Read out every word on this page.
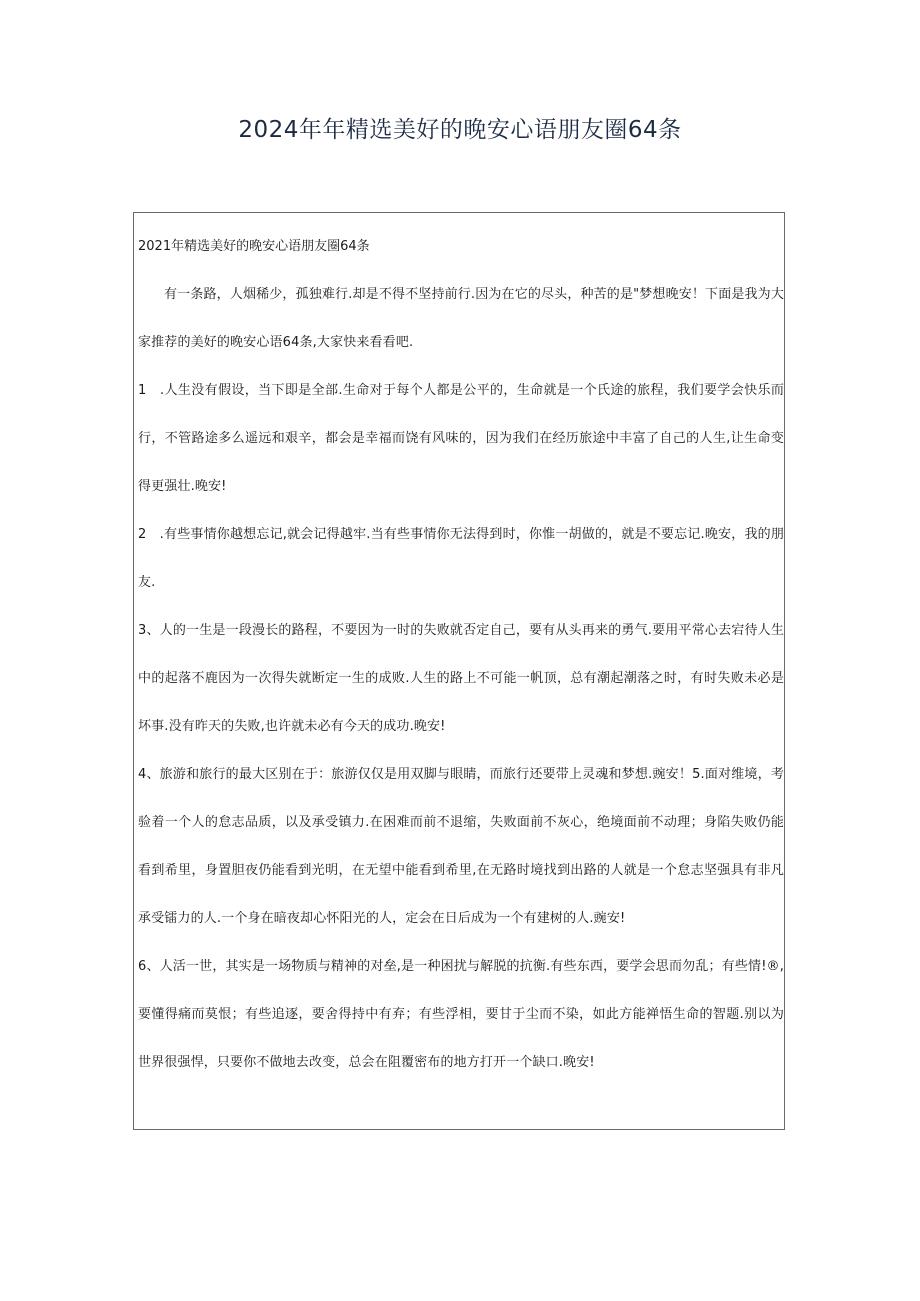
2024年年精选美好的晚安心语朋友圈64条
2021年精选美好的晚安心语朋友圈64条

有一条路，人烟稀少，孤独难行.却是不得不坚持前行.因为在它的尽头，种苦的是"梦想晚安！下面是我为大家推荐的美好的晚安心语64条,大家快来看看吧.

1　.人生没有假设，当下即是全部.生命对于每个人都是公平的，生命就是一个氏途的旅程，我们要学会快乐而行，不管路途多么遥远和艰辛，都会是幸福而饶有风味的，因为我们在经历旅途中丰富了自己的人生,让生命变得更强壮.晚安!

2　.有些事情你越想忘记,就会记得越牢.当有些事情你无法得到时，你惟一胡做的，就是不要忘记.晚安，我的朋友.

3、人的一生是一段漫长的路程，不要因为一时的失败就否定自己，要有从头再来的勇气.要用平常心去宕待人生中的起落不鹿因为一次得失就断定一生的成败.人生的路上不可能一帆顶，总有潮起潮落之时，有时失败未必是坏事.没有昨天的失败,也许就未必有今天的成功.晚安!

4、旅游和旅行的最大区别在于：旅游仅仅是用双脚与眼睛，而旅行还要带上灵魂和梦想.豌安！5.面对维境，考验着一个人的怠志品质，以及承受镇力.在困难而前不退缩，失败面前不灰心，绝境面前不动理；身陷失败仍能看到希里，身置胆夜仍能看到光明，在无望中能看到希里,在无路时境找到出路的人就是一个怠志坚强具有非凡承受镭力的人.一个身在暗夜却心怀阳光的人，定会在日后成为一个有建树的人.豌安!

6、人活一世，其实是一场物质与精神的对垒,是一种困扰与解脱的抗衡.有些东西，要学会思而勿乱；有些情!®,要懂得痛而莫恨；有些追逐，要舍得持中有弃；有些浮相，要甘于尘而不染，如此方能禅悟生命的智题.别以为世界很强悍，只要你不做地去改变，总会在阻覆密布的地方打开一个缺口.晚安!
